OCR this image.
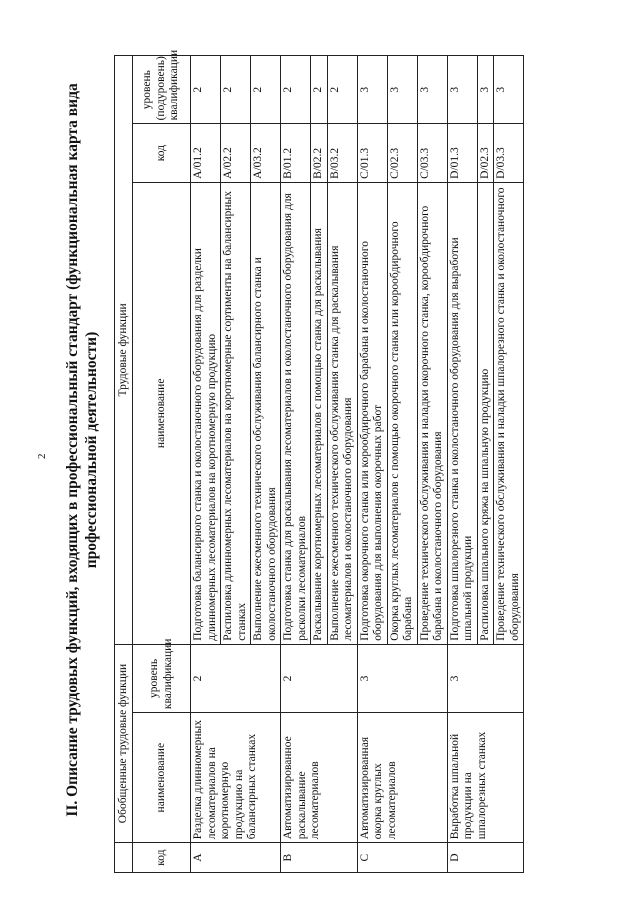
2 II. Описание трудовых функций, входящих в профессиональный стандарт (функциональная карта вида профессиональной деятельности)
	Обобщенные трудовые функции		Трудовые функции		
код	наименование	уровень квалификации	наименование	код	уровень (подуровень) квалификации
A	Разделка длинномерных лесоматериалов на коротномерную продукцию на балансирных станках	2	Подготовка балансирного станка и околостаночного оборудования для разделки длинномерных лесоматериалов на коротномерную продукцию	A/01.2	2
			Распиловка длинномерных лесоматериалов на коротномерные сортименты на балансирных станках	A/02.2	2
			Выполнение ежесменного технического обслуживания балансирного станка и околостаночного оборудования	A/03.2	2
B	Автоматизированное раскалывание лесоматериалов	2	Подготовка станка для раскалывания лесоматериалов и околостаночного оборудования для расколки лесоматериалов	B/01.2	2
			Раскалывание коротномерных лесоматериалов с помощью станка для раскалывания	B/02.2	2
			Выполнение ежесменного технического обслуживания станка для раскалывания лесоматериалов и околостаночного оборудования	B/03.2	2
C	Автоматизированная окорка круглых лесоматериалов	3	Подготовка окорочного станка или корообдирочного барабана и околостаночного оборудования для выполнения окорочных работ	C/01.3	3
			Окорка круглых лесоматериалов с помощью окорочного станка или корообдирочного барабана	C/02.3	3
			Проведение технического обслуживания и наладки окорочного станка, корообдирочного барабана и околостаночного оборудования	C/03.3	3
D	Выработка шпальной продукции на шпалорезных станках	3	Подготовка шпалорезного станка и околостаночного оборудования для выработки шпальной продукции	D/01.3	3
			Распиловка шпального кряжа на шпальную продукцию	D/02.3	3
			Проведение технического обслуживания и наладки шпалорезного станка и околостаночного оборудования	D/03.3	3
